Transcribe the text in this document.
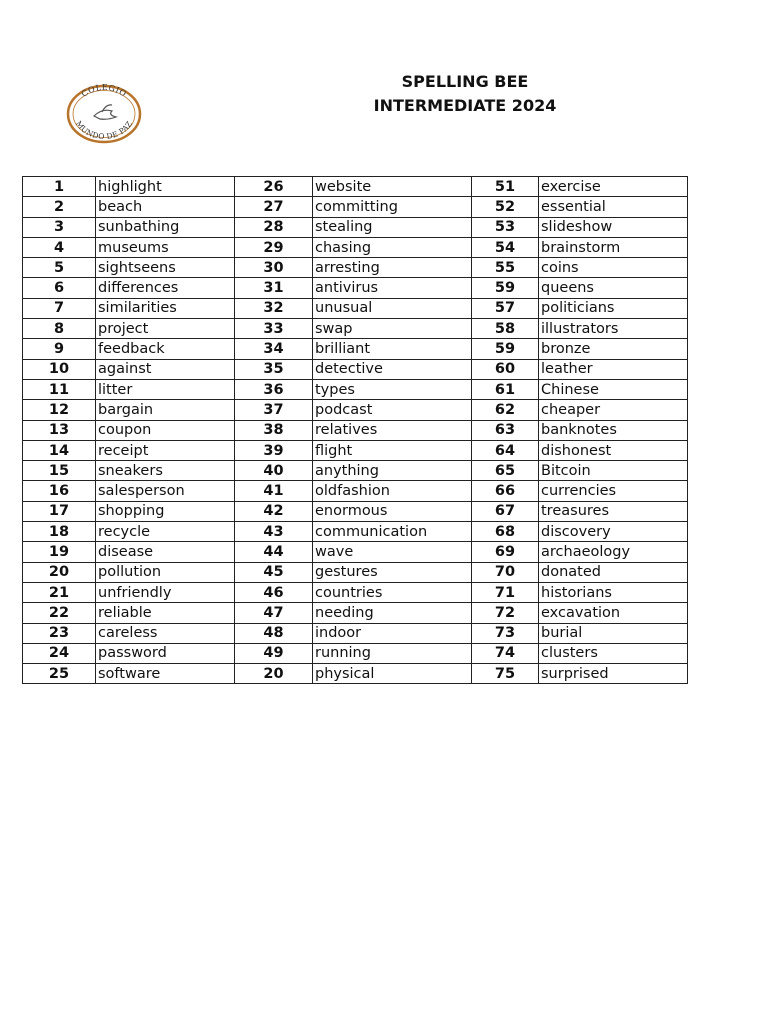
COLEGIO
MUNDO DE PAZ
SPELLING BEE
INTERMEDIATE 2024
1	highlight	26	website	51	exercise
2	beach	27	committing	52	essential
3	sunbathing	28	stealing	53	slideshow
4	museums	29	chasing	54	brainstorm
5	sightseens	30	arresting	55	coins
6	differences	31	antivirus	59	queens
7	similarities	32	unusual	57	politicians
8	project	33	swap	58	illustrators
9	feedback	34	brilliant	59	bronze
10	against	35	detective	60	leather
11	litter	36	types	61	Chinese
12	bargain	37	podcast	62	cheaper
13	coupon	38	relatives	63	banknotes
14	receipt	39	flight	64	dishonest
15	sneakers	40	anything	65	Bitcoin
16	salesperson	41	oldfashion	66	currencies
17	shopping	42	enormous	67	treasures
18	recycle	43	communication	68	discovery
19	disease	44	wave	69	archaeology
20	pollution	45	gestures	70	donated
21	unfriendly	46	countries	71	historians
22	reliable	47	needing	72	excavation
23	careless	48	indoor	73	burial
24	password	49	running	74	clusters
25	software	20	physical	75	surprised
